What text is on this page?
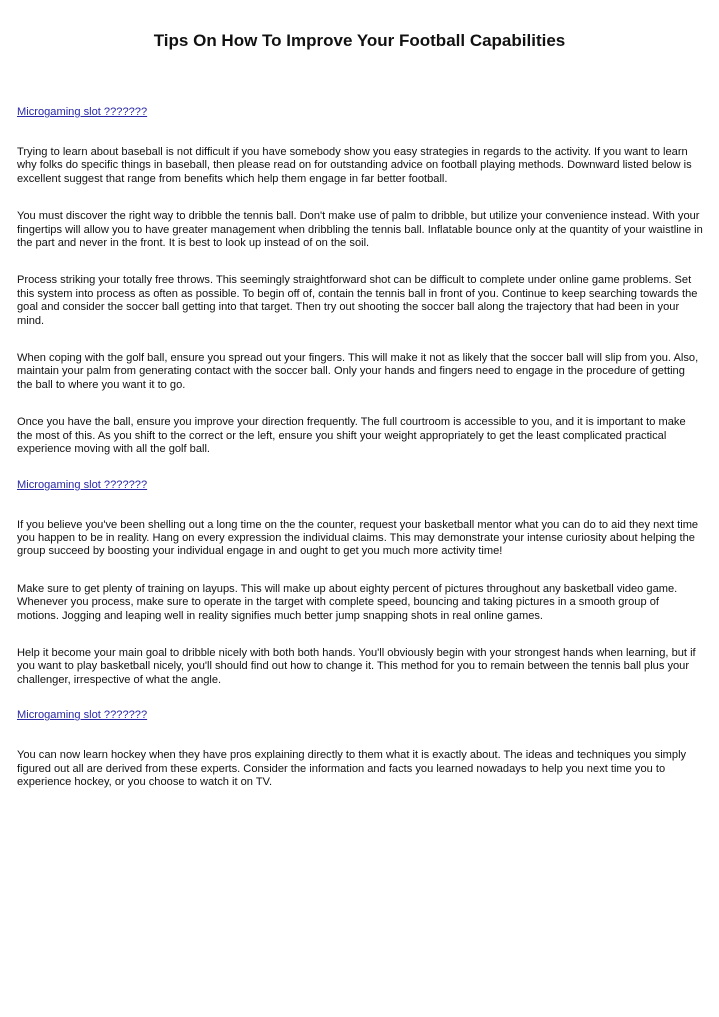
Tips On How To Improve Your Football Capabilities
Microgaming slot ???????

Trying to learn about baseball is not difficult if you have somebody show you easy strategies in regards to the activity. If you want to learn why folks do specific things in baseball, then please read on for outstanding advice on football playing methods. Downward listed below is excellent suggest that range from benefits which help them engage in far better football.

You must discover the right way to dribble the tennis ball. Don't make use of palm to dribble, but utilize your convenience instead. With your fingertips will allow you to have greater management when dribbling the tennis ball. Inflatable bounce only at the quantity of your waistline in the part and never in the front. It is best to look up instead of on the soil.

Process striking your totally free throws. This seemingly straightforward shot can be difficult to complete under online game problems. Set this system into process as often as possible. To begin off of, contain the tennis ball in front of you. Continue to keep searching towards the goal and consider the soccer ball getting into that target. Then try out shooting the soccer ball along the trajectory that had been in your mind.

When coping with the golf ball, ensure you spread out your fingers. This will make it not as likely that the soccer ball will slip from you. Also, maintain your palm from generating contact with the soccer ball. Only your hands and fingers need to engage in the procedure of getting the ball to where you want it to go.

Once you have the ball, ensure you improve your direction frequently. The full courtroom is accessible to you, and it is important to make the most of this. As you shift to the correct or the left, ensure you shift your weight appropriately to get the least complicated practical experience moving with all the golf ball.

Microgaming slot ???????

If you believe you've been shelling out a long time on the the counter, request your basketball mentor what you can do to aid they next time you happen to be in reality. Hang on every expression the individual claims. This may demonstrate your intense curiosity about helping the group succeed by boosting your individual engage in and ought to get you much more activity time!

Make sure to get plenty of training on layups. This will make up about eighty percent of pictures throughout any basketball video game. Whenever you process, make sure to operate in the target with complete speed, bouncing and taking pictures in a smooth group of motions. Jogging and leaping well in reality signifies much better jump snapping shots in real online games.

Help it become your main goal to dribble nicely with both both hands. You'll obviously begin with your strongest hands when learning, but if you want to play basketball nicely, you'll should find out how to change it. This method for you to remain between the tennis ball plus your challenger, irrespective of what the angle.

Microgaming slot ???????

You can now learn hockey when they have pros explaining directly to them what it is exactly about. The ideas and techniques you simply figured out all are derived from these experts. Consider the information and facts you learned nowadays to help you next time you to experience hockey, or you choose to watch it on TV.
